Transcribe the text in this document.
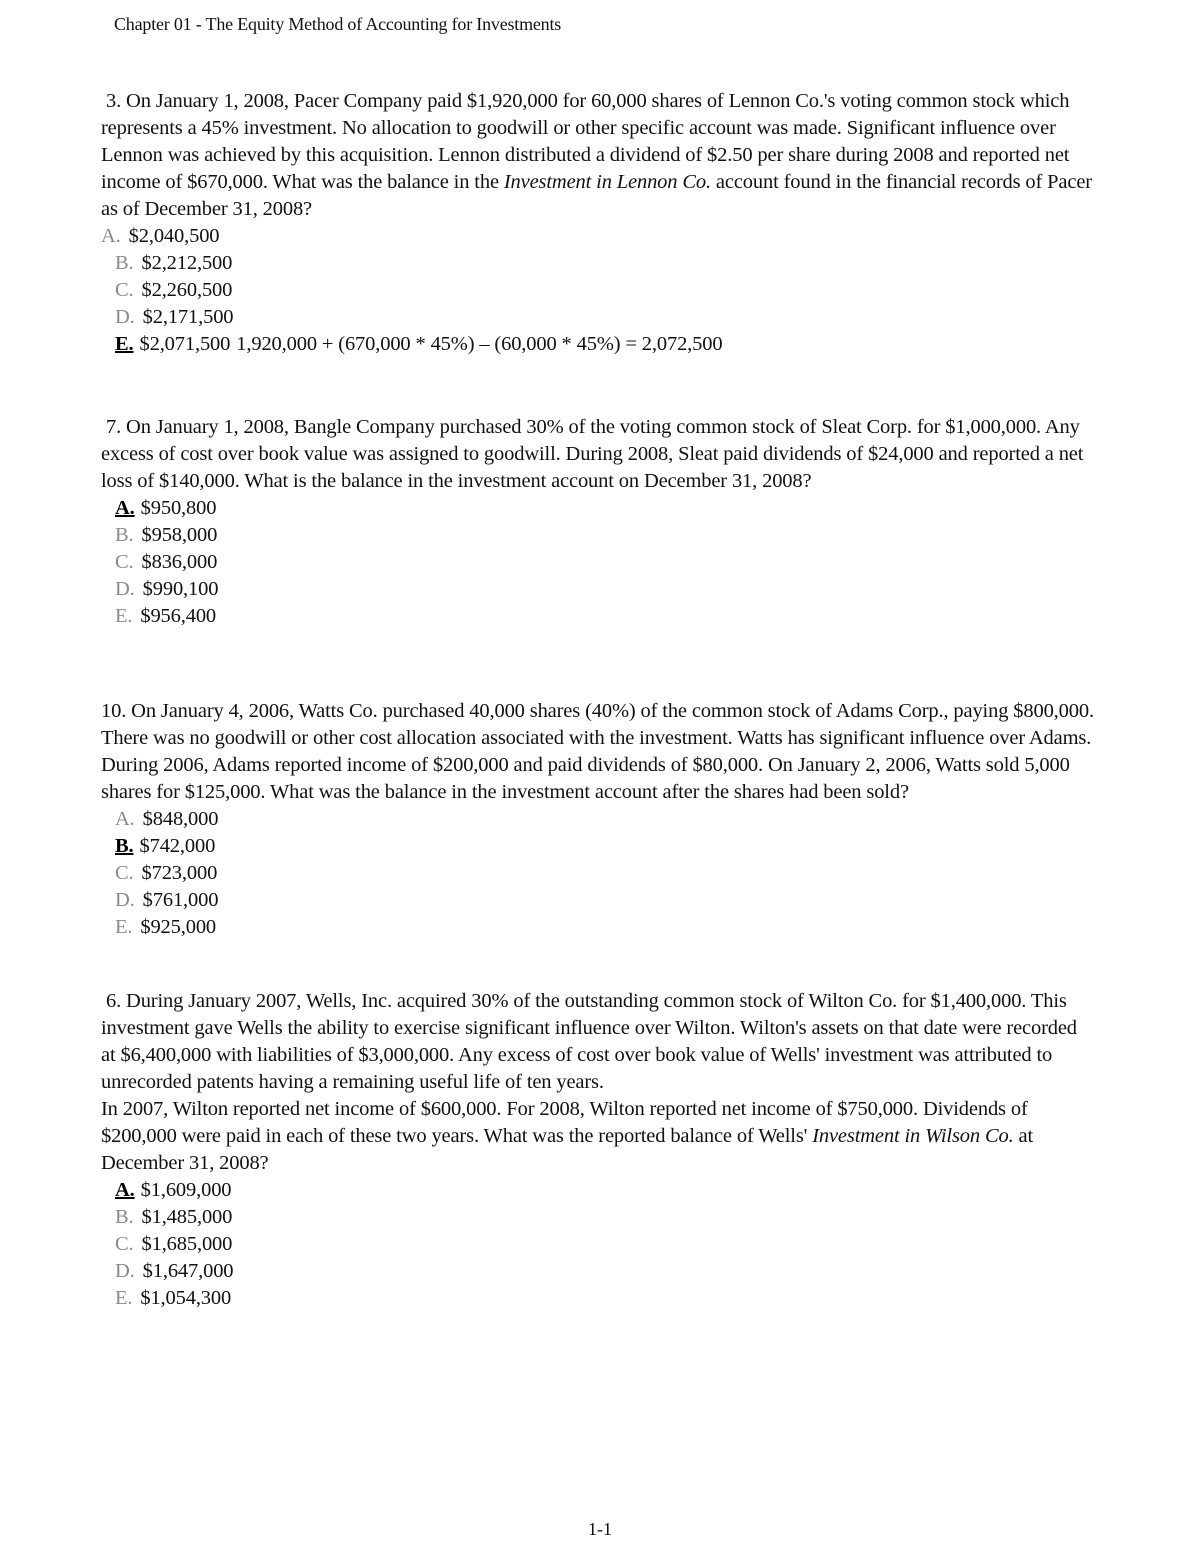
Chapter 01 - The Equity Method of Accounting for Investments

3. On January 1, 2008, Pacer Company paid $1,920,000 for 60,000 shares of Lennon Co.'s voting common stock which represents a 45% investment. No allocation to goodwill or other specific account was made. Significant influence over Lennon was achieved by this acquisition. Lennon distributed a dividend of $2.50 per share during 2008 and reported net income of $670,000. What was the balance in the Investment in Lennon Co. account found in the financial records of Pacer as of December 31, 2008?

A. $2,040,500
B. $2,212,500
C. $2,260,500
D. $2,171,500
E. $2,071,500 1,920,000 + (670,000 * 45%) – (60,000 * 45%) = 2,072,500

7. On January 1, 2008, Bangle Company purchased 30% of the voting common stock of Sleat Corp. for $1,000,000. Any excess of cost over book value was assigned to goodwill. During 2008, Sleat paid dividends of $24,000 and reported a net loss of $140,000. What is the balance in the investment account on December 31, 2008?

A. $950,800
B. $958,000
C. $836,000
D. $990,100
E. $956,400

10. On January 4, 2006, Watts Co. purchased 40,000 shares (40%) of the common stock of Adams Corp., paying $800,000. There was no goodwill or other cost allocation associated with the investment. Watts has significant influence over Adams. During 2006, Adams reported income of $200,000 and paid dividends of $80,000. On January 2, 2006, Watts sold 5,000 shares for $125,000. What was the balance in the investment account after the shares had been sold?

A. $848,000
B. $742,000
C. $723,000
D. $761,000
E. $925,000

6. During January 2007, Wells, Inc. acquired 30% of the outstanding common stock of Wilton Co. for $1,400,000. This investment gave Wells the ability to exercise significant influence over Wilton. Wilton's assets on that date were recorded at $6,400,000 with liabilities of $3,000,000. Any excess of cost over book value of Wells' investment was attributed to unrecorded patents having a remaining useful life of ten years.

In 2007, Wilton reported net income of $600,000. For 2008, Wilton reported net income of $750,000. Dividends of $200,000 were paid in each of these two years. What was the reported balance of Wells' Investment in Wilson Co. at December 31, 2008?

A. $1,609,000
B. $1,485,000
C. $1,685,000
D. $1,647,000
E. $1,054,300
1-1
